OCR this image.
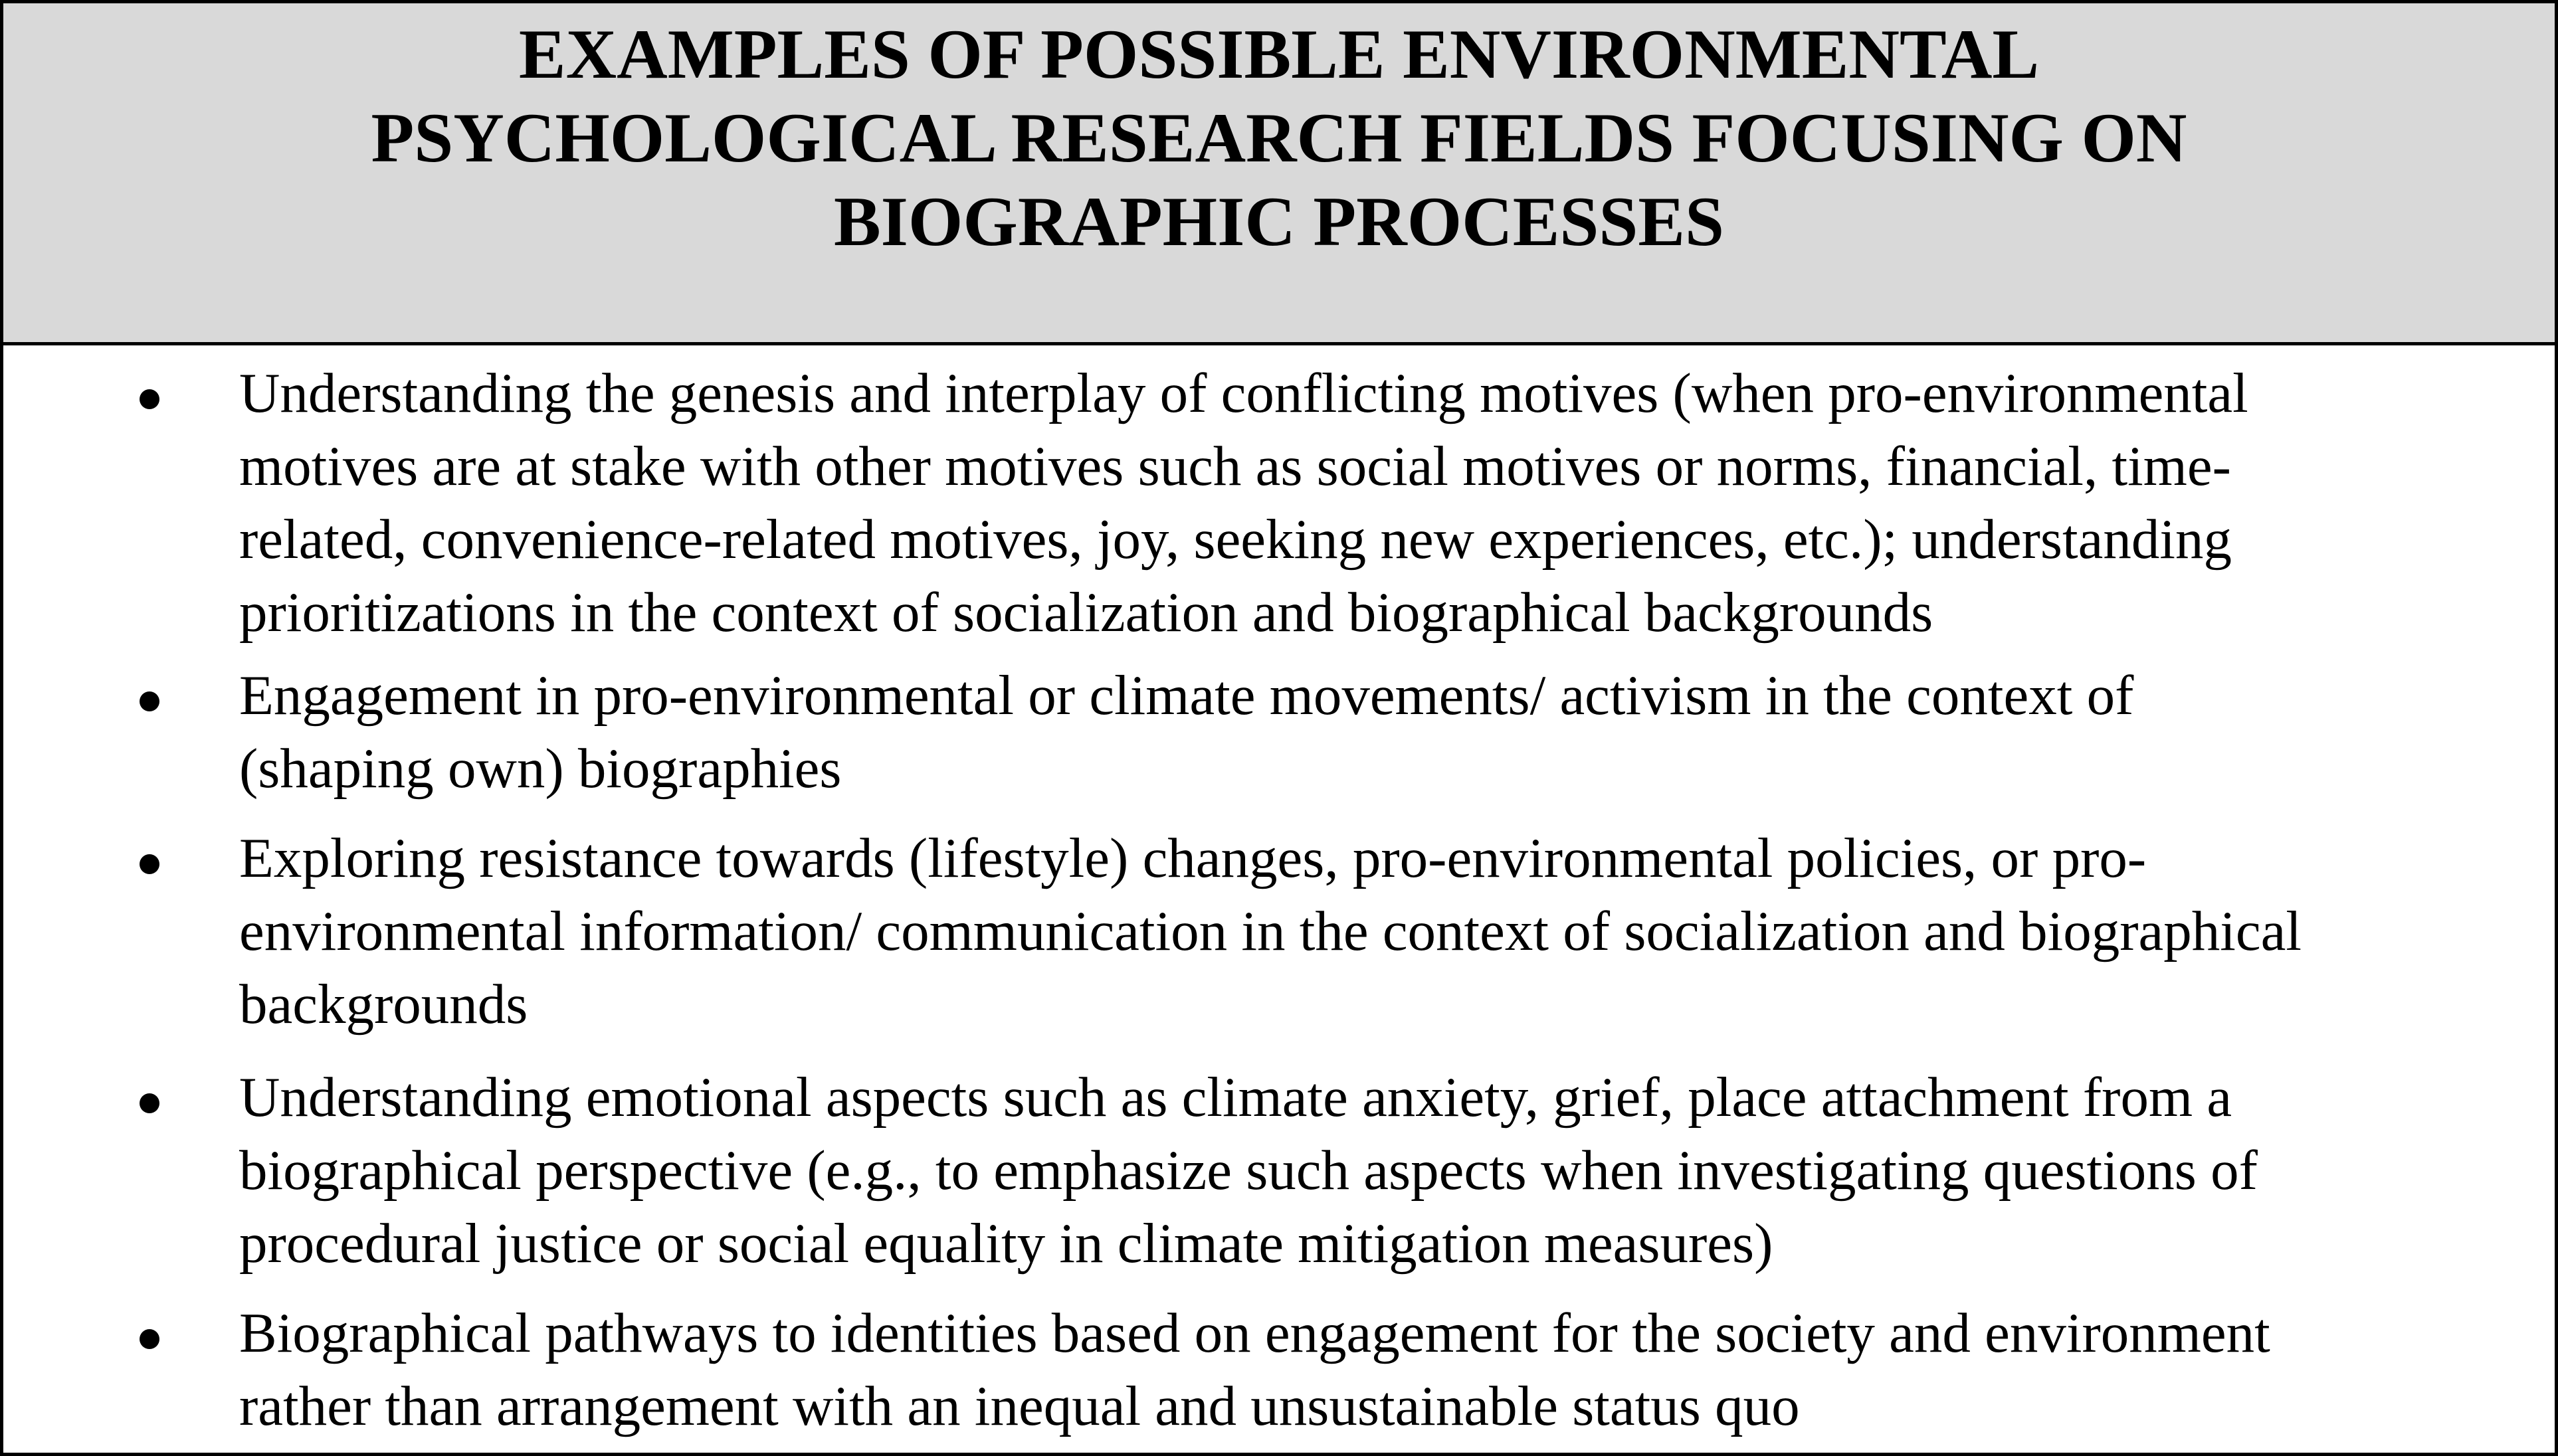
EXAMPLES OF POSSIBLE ENVIRONMENTAL
PSYCHOLOGICAL RESEARCH FIELDS FOCUSING ON
BIOGRAPHIC PROCESSES
Understanding the genesis and interplay of conflicting motives (when pro-environmental
motives are at stake with other motives such as social motives or norms, financial, time-
related, convenience-related motives, joy, seeking new experiences, etc.); understanding
prioritizations in the context of socialization and biographical backgrounds
Engagement in pro-environmental or climate movements/ activism in the context of
(shaping own) biographies
Exploring resistance towards (lifestyle) changes, pro-environmental policies, or pro-
environmental information/ communication in the context of socialization and biographical
backgrounds
Understanding emotional aspects such as climate anxiety, grief, place attachment from a
biographical perspective (e.g., to emphasize such aspects when investigating questions of
procedural justice or social equality in climate mitigation measures)
Biographical pathways to identities based on engagement for the society and environment
rather than arrangement with an inequal and unsustainable status quo
